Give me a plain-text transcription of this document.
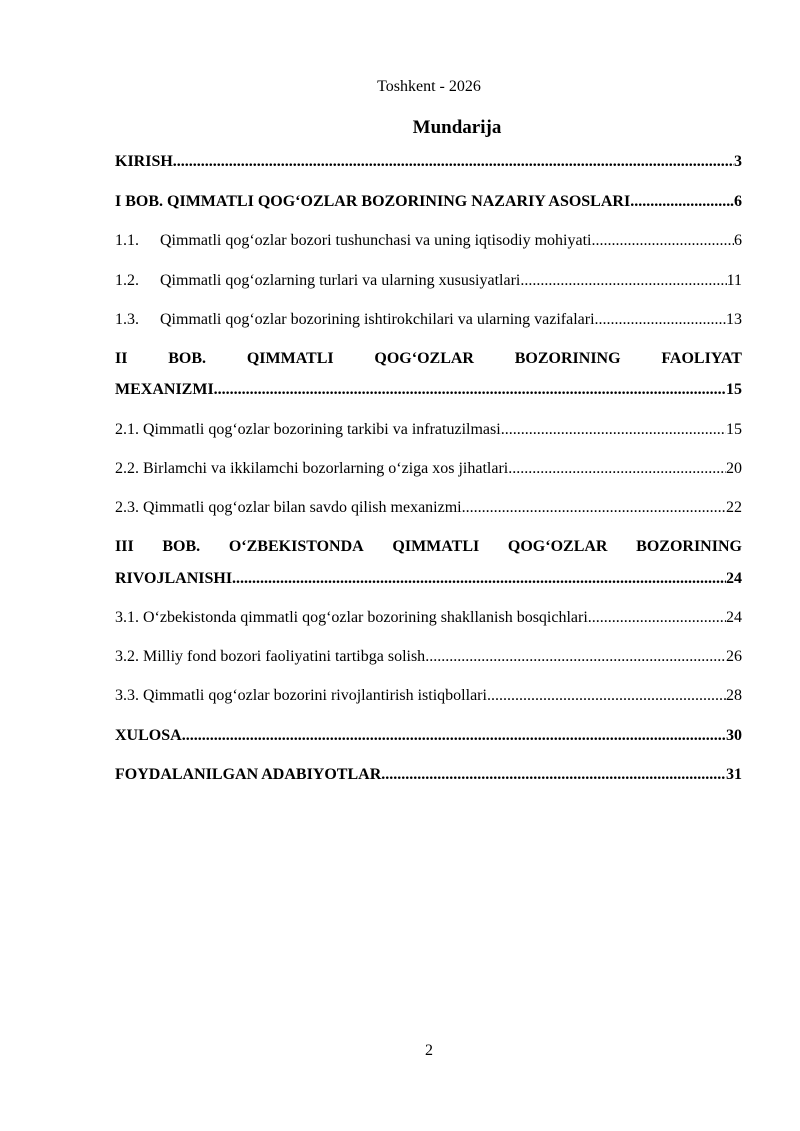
Toshkent - 2026
Mundarija
KIRISH .....	3
I BOB. QIMMATLI QOG‘OZLAR BOZORINING NAZARIY ASOSLARI .....	.6
1.1.	Qimmatli qog‘ozlar bozori tushunchasi va uning iqtisodiy mohiyati .....	6
1.2.	Qimmatli qog‘ozlarning turlari va ularning xususiyatlari .....	11
1.3.	Qimmatli qog‘ozlar bozorining ishtirokchilari va ularning vazifalari .....	13
II	BOB.	QIMMATLI	QOG‘OZLAR	BOZORINING	FAOLIYAT
MEXANIZMI .....	15
2.1. Qimmatli qog‘ozlar bozorining tarkibi va infratuzilmasi .....	15
2.2. Birlamchi va ikkilamchi bozorlarning o‘ziga xos jihatlari .....	20
2.3. Qimmatli qog‘ozlar bilan savdo qilish mexanizmi .....	22
III BOB. O‘ZBEKISTONDA QIMMATLI QOG‘OZLAR BOZORINING
RIVOJLANISHI .....	24
3.1. O‘zbekistonda qimmatli qog‘ozlar bozorining shakllanish bosqichlari .....	24
3.2. Milliy fond bozori faoliyatini tartibga solish .....	26
3.3. Qimmatli qog‘ozlar bozorini rivojlantirish istiqbollari .....	28
XULOSA .....	30
FOYDALANILGAN ADABIYOTLAR .....	31
2
